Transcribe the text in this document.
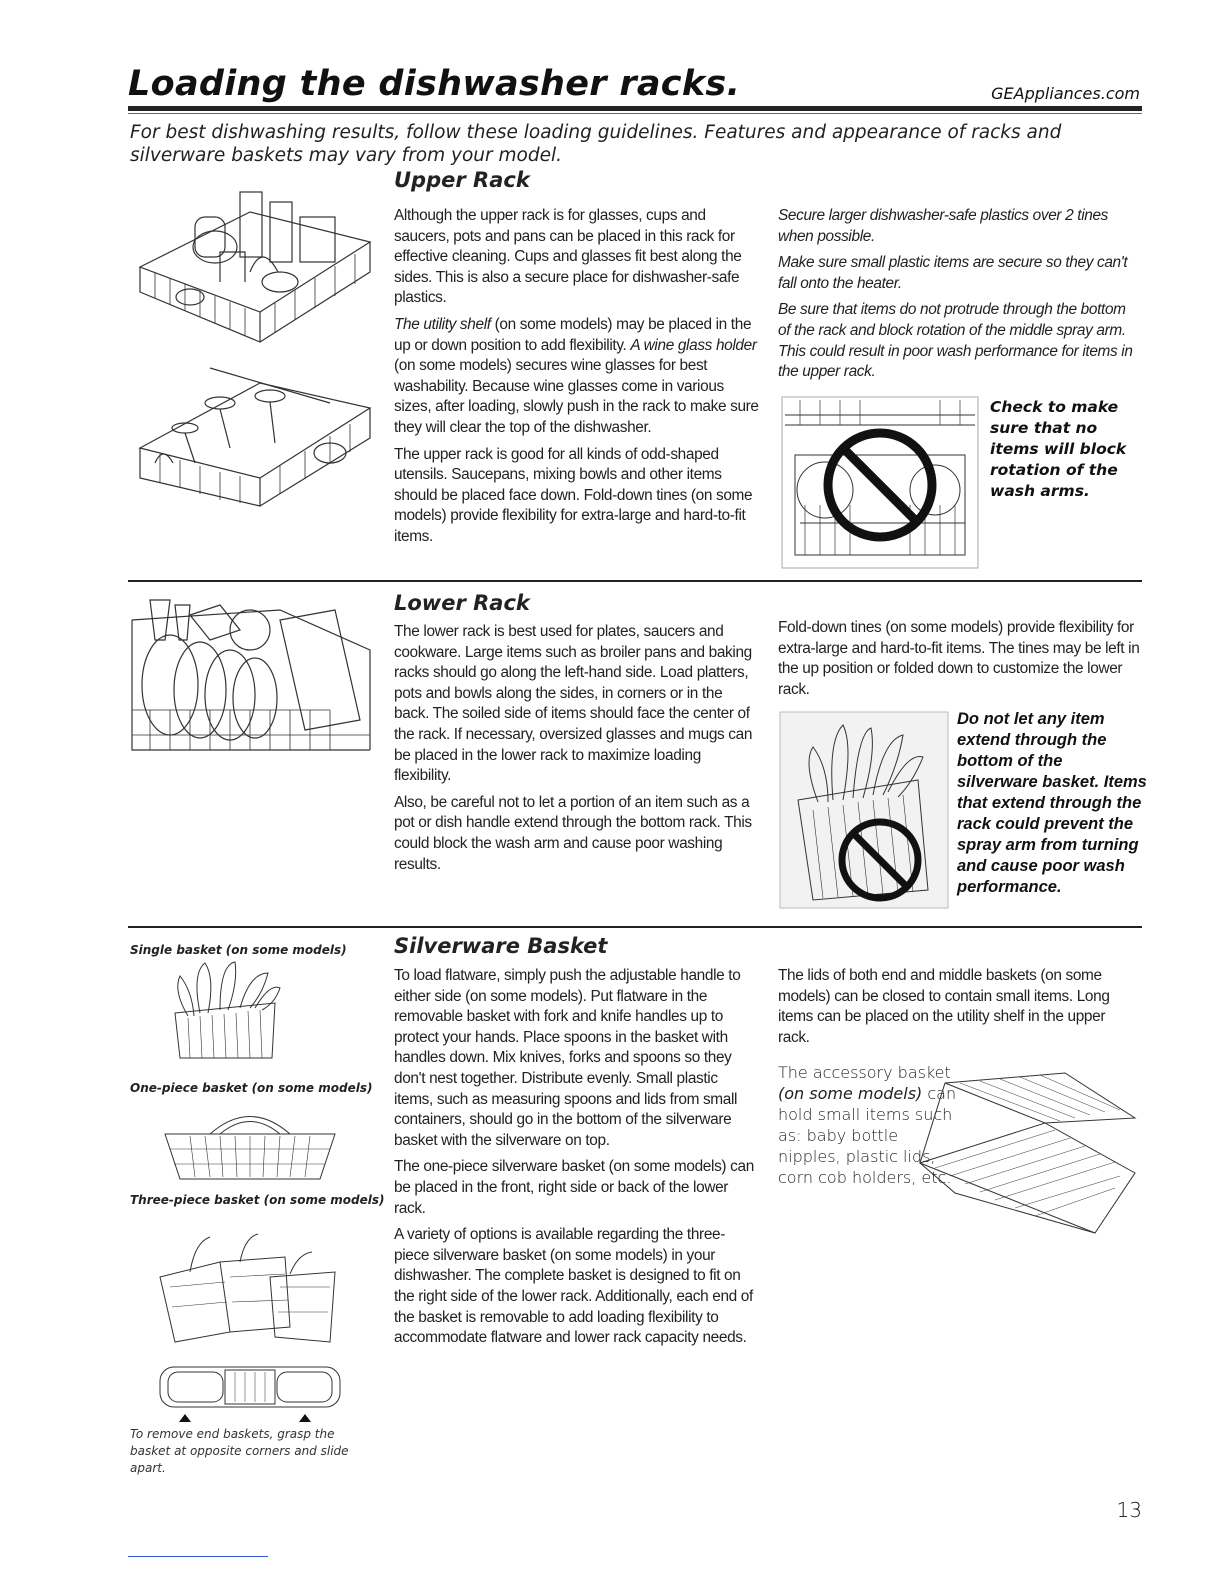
Loading the dishwasher racks.	GEAppliances.com
For best dishwashing results, follow these loading guidelines. Features and appearance of racks and silverware baskets may vary from your model.
Upper Rack

Although the upper rack is for glasses, cups and saucers, pots and pans can be placed in this rack for effective cleaning. Cups and glasses fit best along the sides. This is also a secure place for dishwasher-safe plastics.

The utility shelf (on some models) may be placed in the up or down position to add flexibility. A wine glass holder (on some models) secures wine glasses for best washability. Because wine glasses come in various sizes, after loading, slowly push in the rack to make sure they will clear the top of the dishwasher.

The upper rack is good for all kinds of odd-shaped utensils. Saucepans, mixing bowls and other items should be placed face down. Fold-down tines (on some models) provide flexibility for extra-large and hard-to-fit items.

Secure larger dishwasher-safe plastics over 2 tines when possible.

Make sure small plastic items are secure so they can't fall onto the heater.

Be sure that items do not protrude through the bottom of the rack and block rotation of the middle spray arm. This could result in poor wash performance for items in the upper rack.

Check to make sure that no items will block rotation of the wash arms.
Lower Rack

The lower rack is best used for plates, saucers and cookware. Large items such as broiler pans and baking racks should go along the left-hand side. Load platters, pots and bowls along the sides, in corners or in the back. The soiled side of items should face the center of the rack. If necessary, oversized glasses and mugs can be placed in the lower rack to maximize loading flexibility.

Also, be careful not to let a portion of an item such as a pot or dish handle extend through the bottom rack. This could block the wash arm and cause poor washing results.

Fold-down tines (on some models) provide flexibility for extra-large and hard-to-fit items. The tines may be left in the up position or folded down to customize the lower rack.

Do not let any item extend through the bottom of the silverware basket. Items that extend through the rack could prevent the spray arm from turning and cause poor wash performance.
Single basket (on some models)
One-piece basket (on some models)
Three-piece basket (on some models)
To remove end baskets, grasp the basket at opposite corners and slide apart.
Silverware Basket

To load flatware, simply push the adjustable handle to either side (on some models). Put flatware in the removable basket with fork and knife handles up to protect your hands. Place spoons in the basket with handles down. Mix knives, forks and spoons so they don't nest together. Distribute evenly. Small plastic items, such as measuring spoons and lids from small containers, should go in the bottom of the silverware basket with the silverware on top.

The one-piece silverware basket (on some models) can be placed in the front, right side or back of the lower rack.

A variety of options is available regarding the three-piece silverware basket (on some models) in your dishwasher. The complete basket is designed to fit on the right side of the lower rack. Additionally, each end of the basket is removable to add loading flexibility to accommodate flatware and lower rack capacity needs.

The lids of both end and middle baskets (on some models) can be closed to contain small items. Long items can be placed on the utility shelf in the upper rack.

The accessory basket (on some models) can hold small items such as: baby bottle nipples, plastic lids, corn cob holders, etc.
13
